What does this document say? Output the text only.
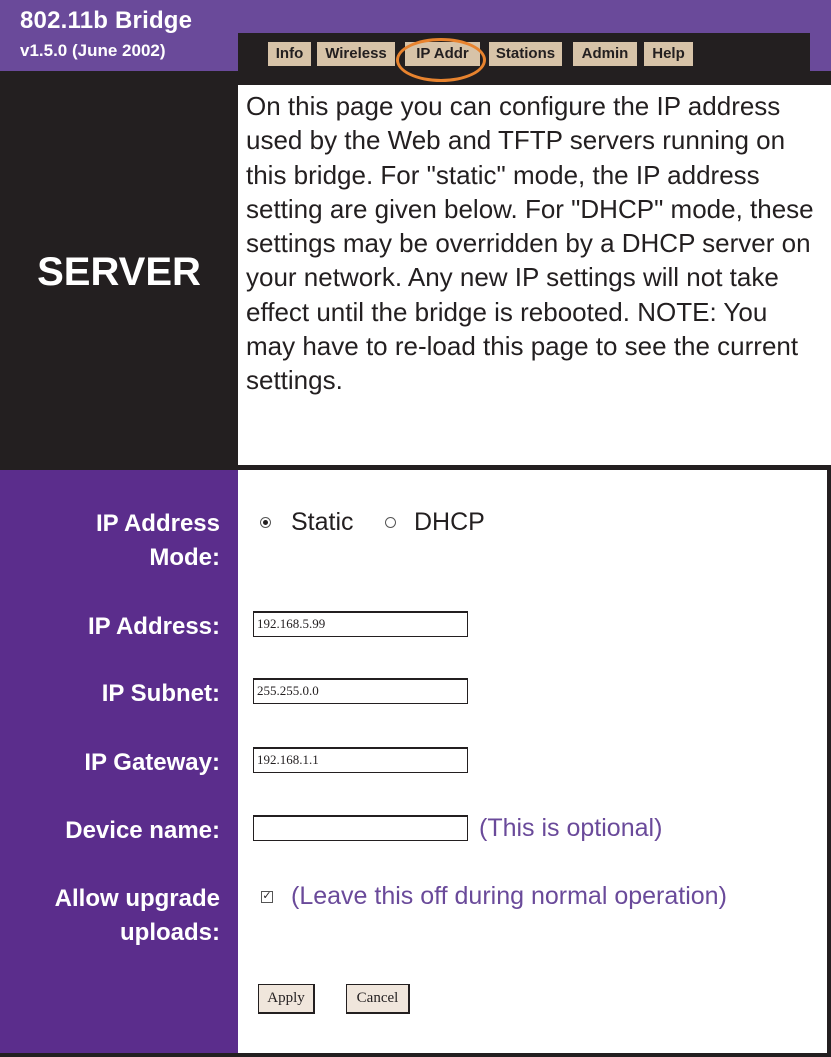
802.11b Bridge
v1.5.0 (June 2002)	Info	Wireless	IP Addr	Stations	Admin	Help
SERVER
On this page you can configure the IP address used by the Web and TFTP servers running on this bridge. For "static" mode, the IP address setting are given below. For "DHCP" mode, these settings may be overridden by a DHCP server on your network. Any new IP settings will not take effect until the bridge is rebooted. NOTE: You may have to re-load this page to see the current settings.
IP Address
Mode:
Static DHCP
IP Address:	192.168.5.99
IP Subnet:	255.255.0.0
IP Gateway:	192.168.1.1
Device name:	(This is optional)
Allow upgrade
uploads:
✓ (Leave this off during normal operation)
Apply	Cancel
